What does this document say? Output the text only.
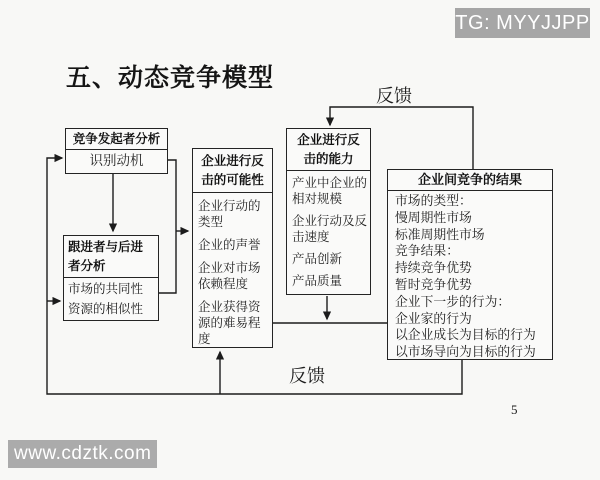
TG: MYYJJPP
五、动态竞争模型
反馈
反馈
竞争发起者分析
识别动机
跟进者与后进者分析
市场的共同性
资源的相似性
企业进行反击的可能性
企业行动的类型
企业的声誉
企业对市场依赖程度
企业获得资源的难易程度
企业进行反击的能力
产业中企业的相对规模
企业行动及反击速度
产品创新
产品质量
企业间竞争的结果
市场的类型：
慢周期性市场
标准周期性市场
竞争结果：
持续竞争优势
暂时竞争优势
企业下一步的行为：
企业家的行为
以企业成长为目标的行为
以市场导向为目标的行为
5
www.cdztk.com
